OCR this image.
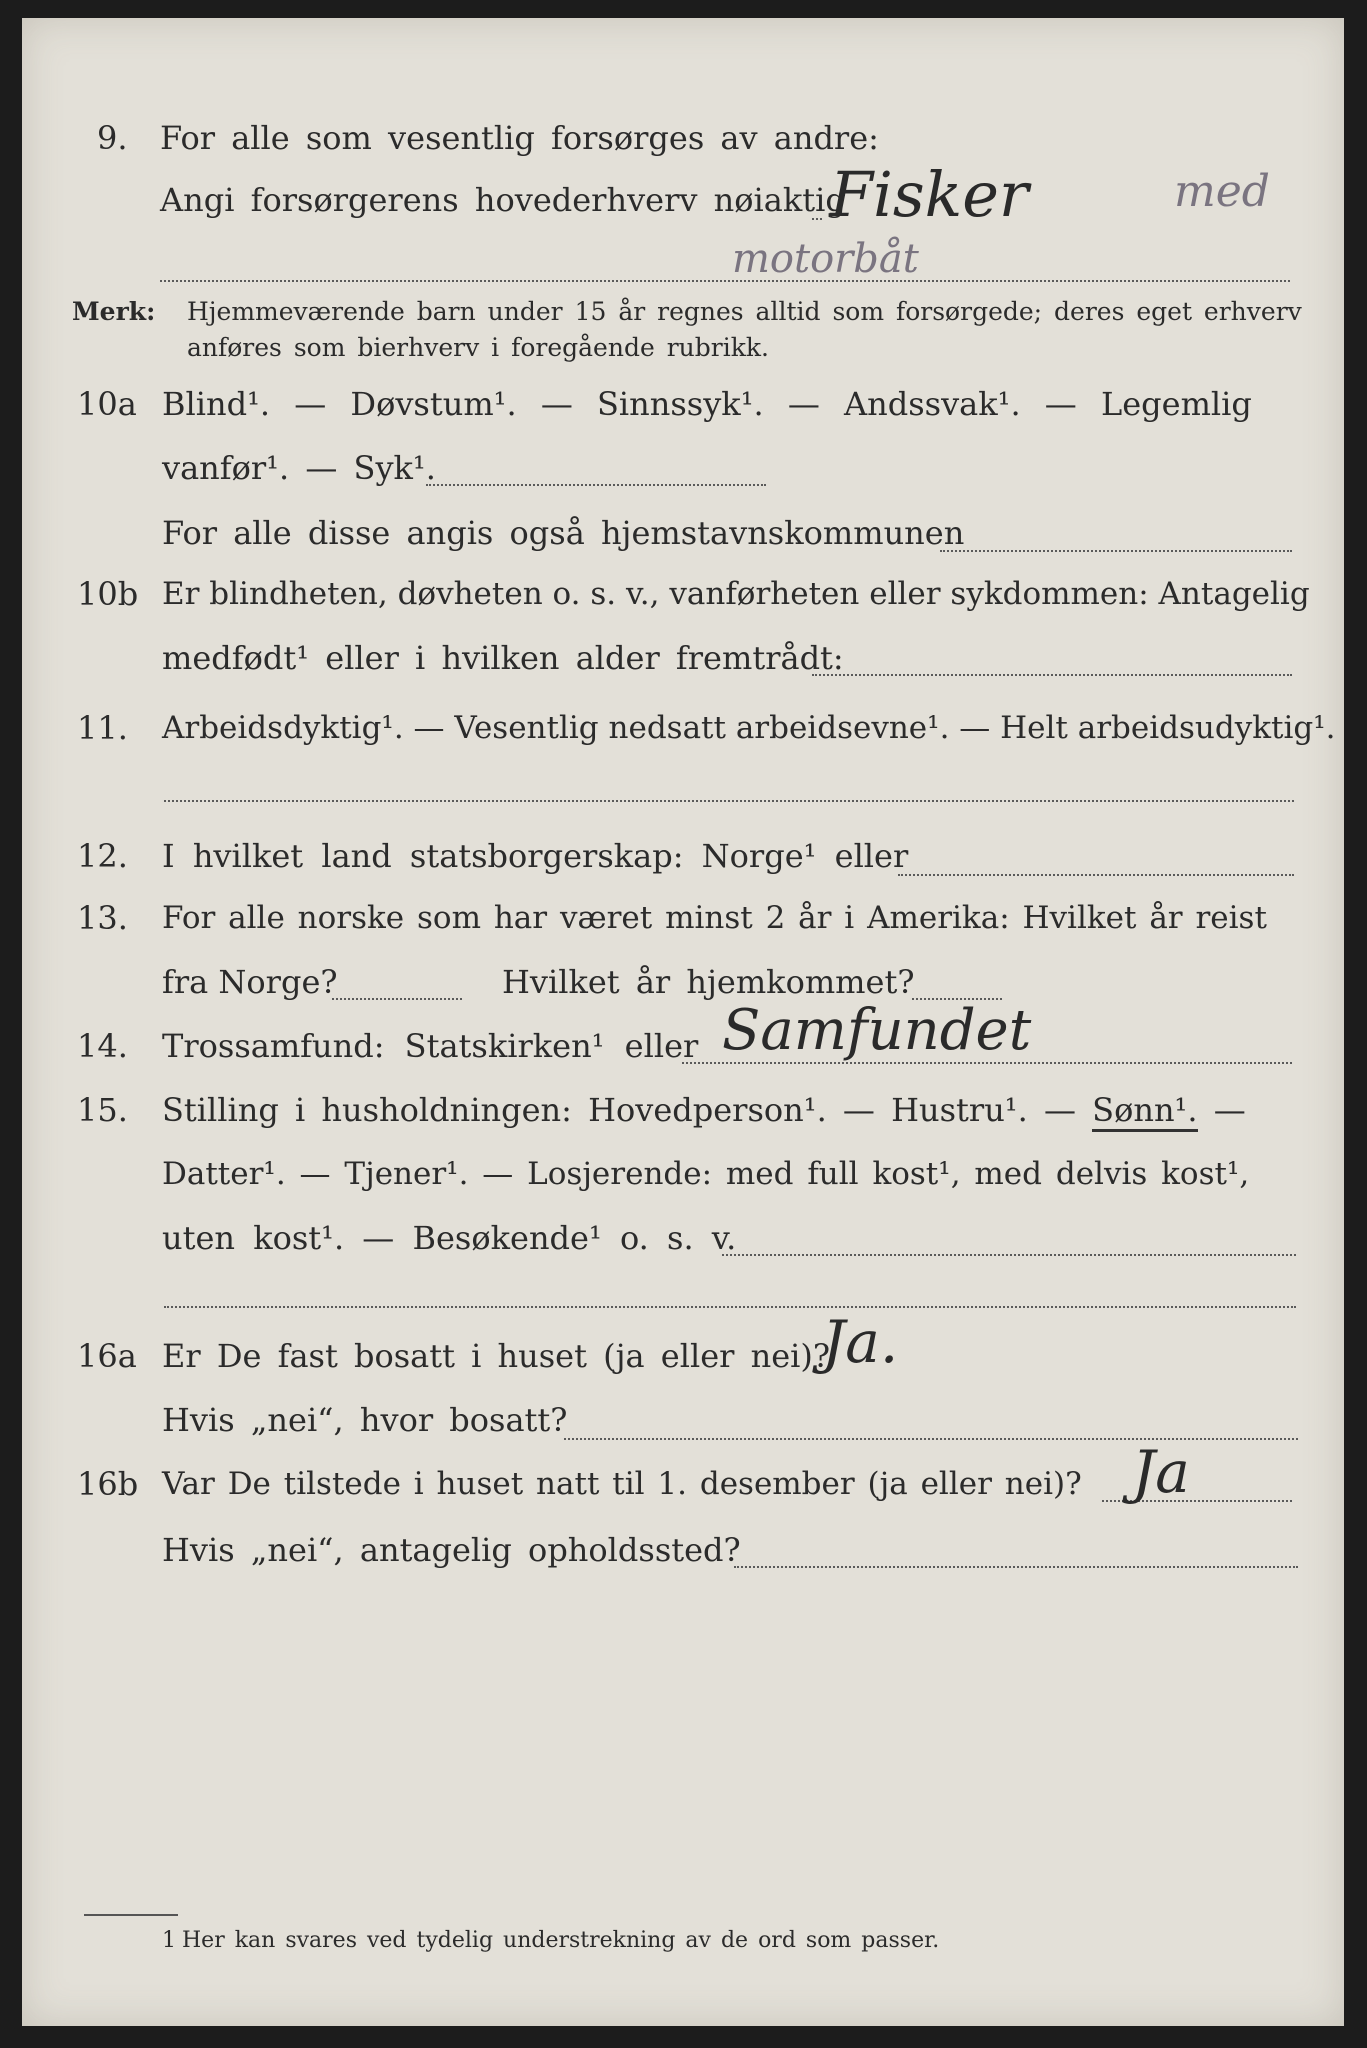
9. For alle som vesentlig forsørges av andre:
Angi forsørgerens hovederhverv nøiaktig
Fisker	med
motorbåt
Merk: Hjemmeværende barn under 15 år regnes alltid som forsørgede; deres eget erhverv
anføres som bierhverv i foregående rubrikk.
10a Blind¹. — Døvstum¹. — Sinnssyk¹. — Andssvak¹. — Legemlig
vanfør¹. — Syk¹.
For alle disse angis også hjemstavnskommunen
10b Er blindheten, døvheten o. s. v., vanførheten eller sykdommen: Antagelig
medfødt¹ eller i hvilken alder fremtrådt:
11. Arbeidsdyktig¹. — Vesentlig nedsatt arbeidsevne¹. — Helt arbeidsudyktig¹.
12. I hvilket land statsborgerskap: Norge¹ eller
13. For alle norske som har været minst 2 år i Amerika: Hvilket år reist
fra Norge?	Hvilket år hjemkommet?
14. Trossamfund: Statskirken¹ eller Samfundet
15. Stilling i husholdningen: Hovedperson¹. — Hustru¹. — Sønn¹. —
Datter¹. — Tjener¹. — Losjerende: med full kost¹, med delvis kost¹,
uten kost¹. — Besøkende¹ o. s. v.
16a Er De fast bosatt i huset (ja eller nei)?
Ja.
Hvis „nei“, hvor bosatt?
16b Var De tilstede i huset natt til 1. desember (ja eller nei)? Ja
Hvis „nei“, antagelig opholdssted?
1 Her kan svares ved tydelig understrekning av de ord som passer.
